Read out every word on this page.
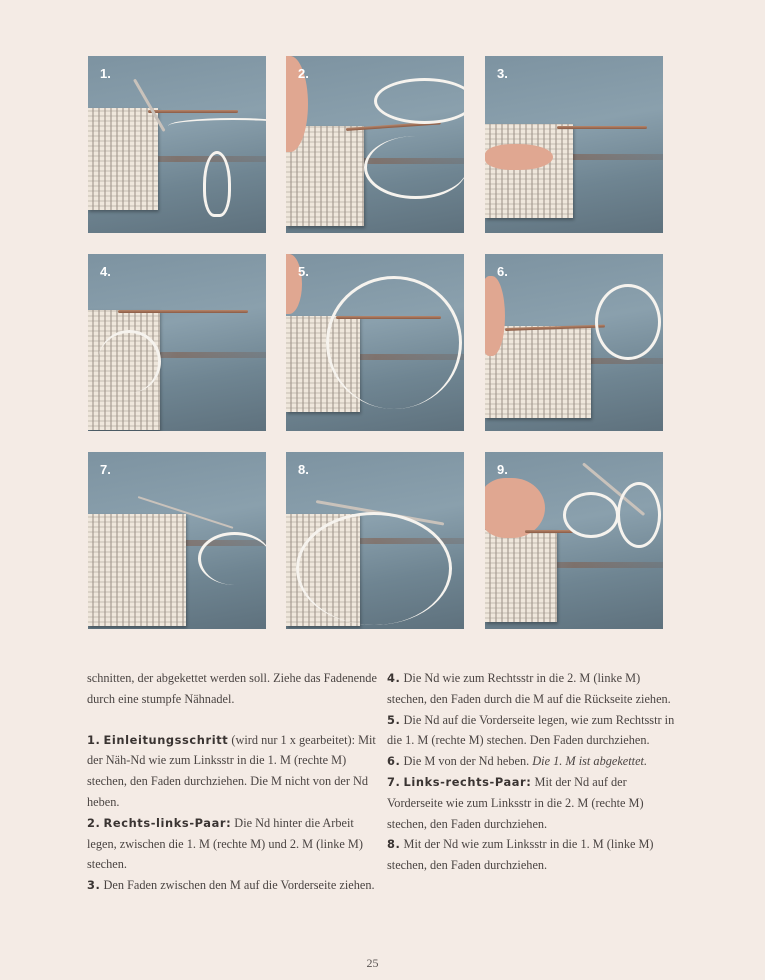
1.	2.	3.
4.	5.	6.
7.	8.	9.

schnitten, der abgekettet werden soll. Ziehe das Fadenende durch eine stumpfe Nähnadel.

1. Einleitungsschritt (wird nur 1 x gearbeitet): Mit der Näh-Nd wie zum Linksstr in die 1. M (rechte M) stechen, den Faden durchziehen. Die M nicht von der Nd heben.

2. Rechts-links-Paar: Die Nd hinter die Arbeit legen, zwischen die 1. M (rechte M) und 2. M (linke M) stechen.

3. Den Faden zwischen den M auf die Vorderseite ziehen.

4. Die Nd wie zum Rechtsstr in die 2. M (linke M) stechen, den Faden durch die M auf die Rückseite ziehen.

5. Die Nd auf die Vorderseite legen, wie zum Rechtsstr in die 1. M (rechte M) stechen. Den Faden durchziehen.

6. Die M von der Nd heben. Die 1. M ist abgekettet.

7. Links-rechts-Paar: Mit der Nd auf der Vorderseite wie zum Linksstr in die 2. M (rechte M) stechen, den Faden durchziehen.

8. Mit der Nd wie zum Linksstr in die 1. M (linke M) stechen, den Faden durchziehen.

25
